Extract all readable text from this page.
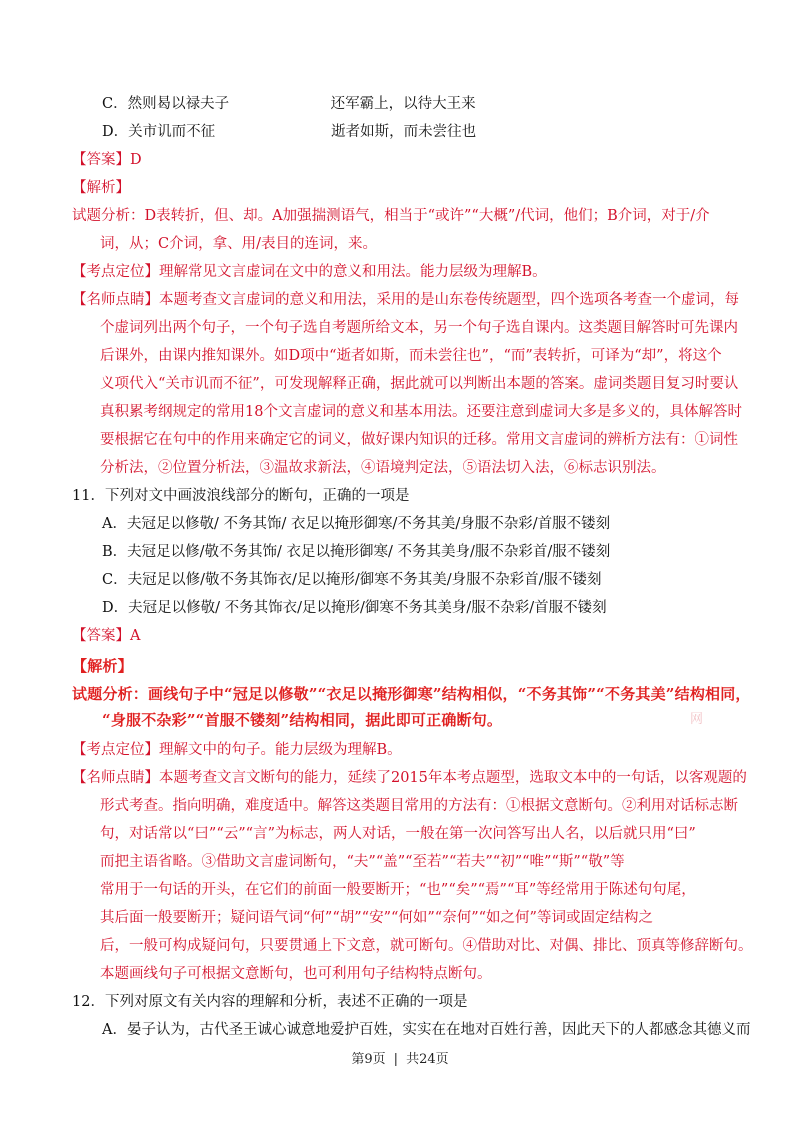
C．然则曷以禄夫子　　　　　　　还军霸上，以待大王来
D．关市讥而不征　　　　　　　　逝者如斯，而未尝往也
【答案】D
【解析】
试题分析：D表转折，但、却。A加强揣测语气，相当于“或许”“大概”/代词，他们；B介词，对于/介
词，从；C介词，拿、用/表目的连词，来。
【考点定位】理解常见文言虚词在文中的意义和用法。能力层级为理解B。
【名师点睛】本题考查文言虚词的意义和用法，采用的是山东卷传统题型，四个选项各考查一个虚词，每
个虚词列出两个句子，一个句子选自考题所给文本，另一个句子选自课内。这类题目解答时可先课内
后课外，由课内推知课外。如D项中“逝者如斯，而未尝往也”，“而”表转折，可译为“却”，将这个
义项代入“关市讥而不征”，可发现解释正确，据此就可以判断出本题的答案。虚词类题目复习时要认
真积累考纲规定的常用18个文言虚词的意义和基本用法。还要注意到虚词大多是多义的，具体解答时
要根据它在句中的作用来确定它的词义，做好课内知识的迁移。常用文言虚词的辨析方法有：①词性
分析法，②位置分析法，③温故求新法，④语境判定法，⑤语法切入法，⑥标志识别法。
11．下列对文中画波浪线部分的断句，正确的一项是
A．夫冠足以修敬/ 不务其饰/ 衣足以掩形御寒/不务其美/身服不杂彩/首服不镂刻
B．夫冠足以修/敬不务其饰/ 衣足以掩形御寒/ 不务其美身/服不杂彩首/服不镂刻
C．夫冠足以修/敬不务其饰衣/足以掩形/御寒不务其美/身服不杂彩首/服不镂刻
D．夫冠足以修敬/ 不务其饰衣/足以掩形/御寒不务其美身/服不杂彩/首服不镂刻
【答案】A
【解析】
试题分析：画线句子中“冠足以修敬”“衣足以掩形御寒”结构相似，“不务其饰”“不务其美”结构相同，
“身服不杂彩”“首服不镂刻”结构相同，据此即可正确断句。
【考点定位】理解文中的句子。能力层级为理解B。
【名师点睛】本题考查文言文断句的能力，延续了2015年本考点题型，选取文本中的一句话，以客观题的
形式考查。指向明确，难度适中。解答这类题目常用的方法有：①根据文意断句。②利用对话标志断
句，对话常以“曰”“云”“言”为标志，两人对话，一般在第一次问答写出人名，以后就只用“曰”
而把主语省略。③借助文言虚词断句，“夫”“盖”“至若”“若夫”“初”“唯”“斯”“敬”等
常用于一句话的开头，在它们的前面一般要断开；“也”“矣”“焉”“耳”等经常用于陈述句句尾，
其后面一般要断开；疑问语气词“何”“胡”“安”“何如”“奈何”“如之何”等词或固定结构之
后，一般可构成疑问句，只要贯通上下文意，就可断句。④借助对比、对偶、排比、顶真等修辞断句。
本题画线句子可根据文意断句，也可利用句子结构特点断句。
12．下列对原文有关内容的理解和分析，表述不正确的一项是
A．晏子认为，古代圣王诚心诚意地爱护百姓，实实在在地对百姓行善，因此天下的人都感念其德义而
第9页 | 共24页
网
